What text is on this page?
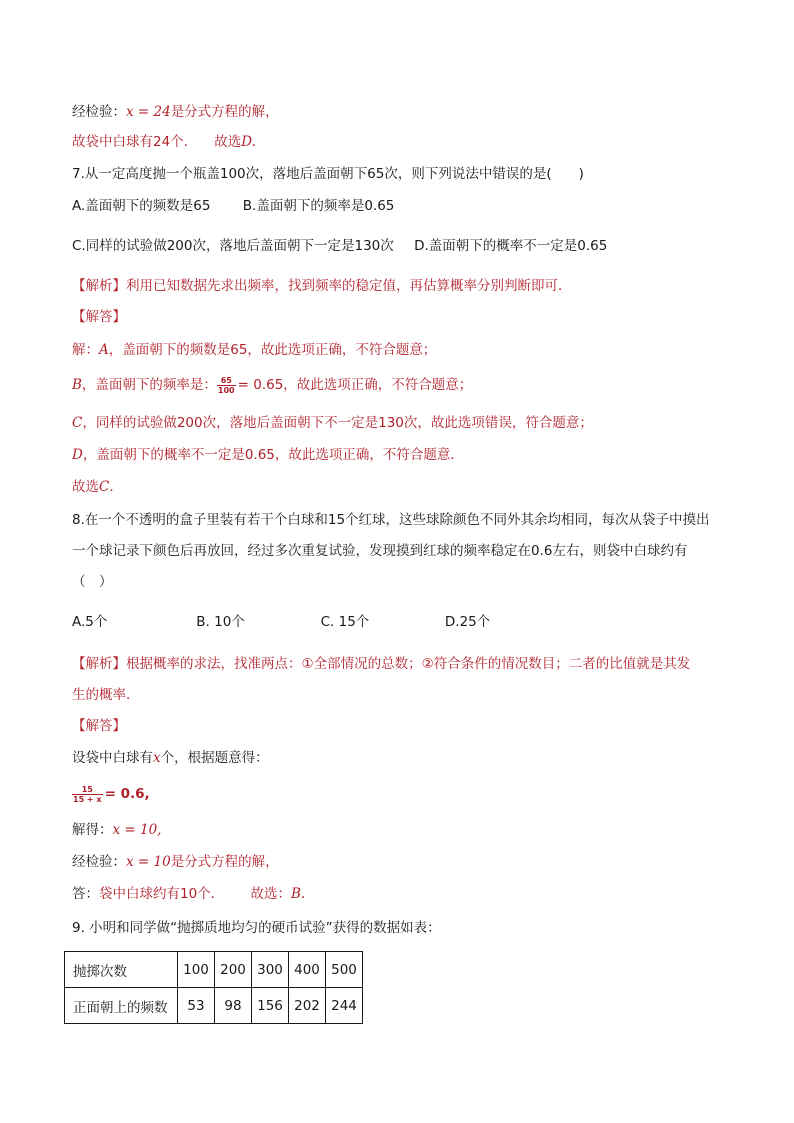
经检验：x = 24是分式方程的解，
故袋中白球有24个. 故选D.
7.从一定高度抛一个瓶盖100次，落地后盖面朝下65次，则下列说法中错误的是(　　)
A.盖面朝下的频数是65 B.盖面朝下的频率是0.65
C.同样的试验做200次，落地后盖面朝下一定是130次 D.盖面朝下的概率不一定是0.65
【解析】利用已知数据先求出频率，找到频率的稳定值，再估算概率分别判断即可．
【解答】
解：A，盖面朝下的频数是65，故此选项正确，不符合题意；
B，盖面朝下的频率是： $\frac{65}{100} = 0.65$，故此选项正确，不符合题意；
C，同样的试验做200次，落地后盖面朝下不一定是130次，故此选项错误，符合题意；
D，盖面朝下的概率不一定是0.65，故此选项正确，不符合题意．
故选C.
8.在一个不透明的盒子里装有若干个白球和15个红球，这些球除颜色不同外其余均相同，每次从袋子中摸出
一个球记录下颜色后再放回，经过多次重复试验，发现摸到红球的频率稳定在0.6左右，则袋中白球约有
（　）
A.5个	B. 10个	C. 15个	D.25个
【解析】根据概率的求法，找准两点：①全部情况的总数；②符合条件的情况数目；二者的比值就是其发
生的概率．
【解答】
设袋中白球有x个，根据题意得：
$\frac{15}{15 + x} = 0.6$,
解得：x = 10,
经检验：x = 10是分式方程的解，
答：袋中白球约有10个． 故选：B.
9. 小明和同学做“抛掷质地均匀的硬币试验”获得的数据如表：
抛掷次数	100	200	300	400	500
正面朝上的频数	53	98	156	202	244
